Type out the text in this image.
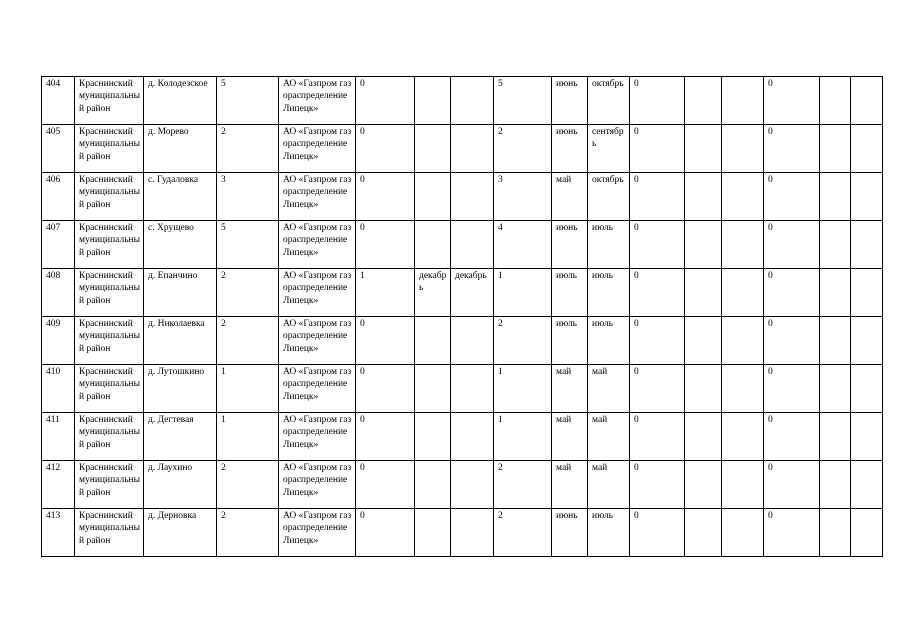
404	Краснинский муниципальный район	д. Колодезское	5	АО «Газпром газораспределение Липецк»	0			5	июнь	октябрь	0			0		
405	Краснинский муниципальный район	д. Морево	2	АО «Газпром газораспределение Липецк»	0			2	июнь	сентябрь	0			0		
406	Краснинский муниципальный район	с. Гудаловка	3	АО «Газпром газораспределение Липецк»	0			3	май	октябрь	0			0		
407	Краснинский муниципальный район	с. Хрущево	5	АО «Газпром газораспределение Липецк»	0			4	июнь	июль	0			0		
408	Краснинский муниципальный район	д. Епанчино	2	АО «Газпром газораспределение Липецк»	1	декабрь	декабрь	1	июль	июль	0			0		
409	Краснинский муниципальный район	д. Николаевка	2	АО «Газпром газораспределение Липецк»	0			2	июль	июль	0			0		
410	Краснинский муниципальный район	д. Лутошкино	1	АО «Газпром газораспределение Липецк»	0			1	май	май	0			0		
411	Краснинский муниципальный район	д. Дегтевая	1	АО «Газпром газораспределение Липецк»	0			1	май	май	0			0		
412	Краснинский муниципальный район	д. Лаухино	2	АО «Газпром газораспределение Липецк»	0			2	май	май	0			0		
413	Краснинский муниципальный район	д. Дерновка	2	АО «Газпром газораспределение Липецк»	0			2	июнь	июль	0			0		
